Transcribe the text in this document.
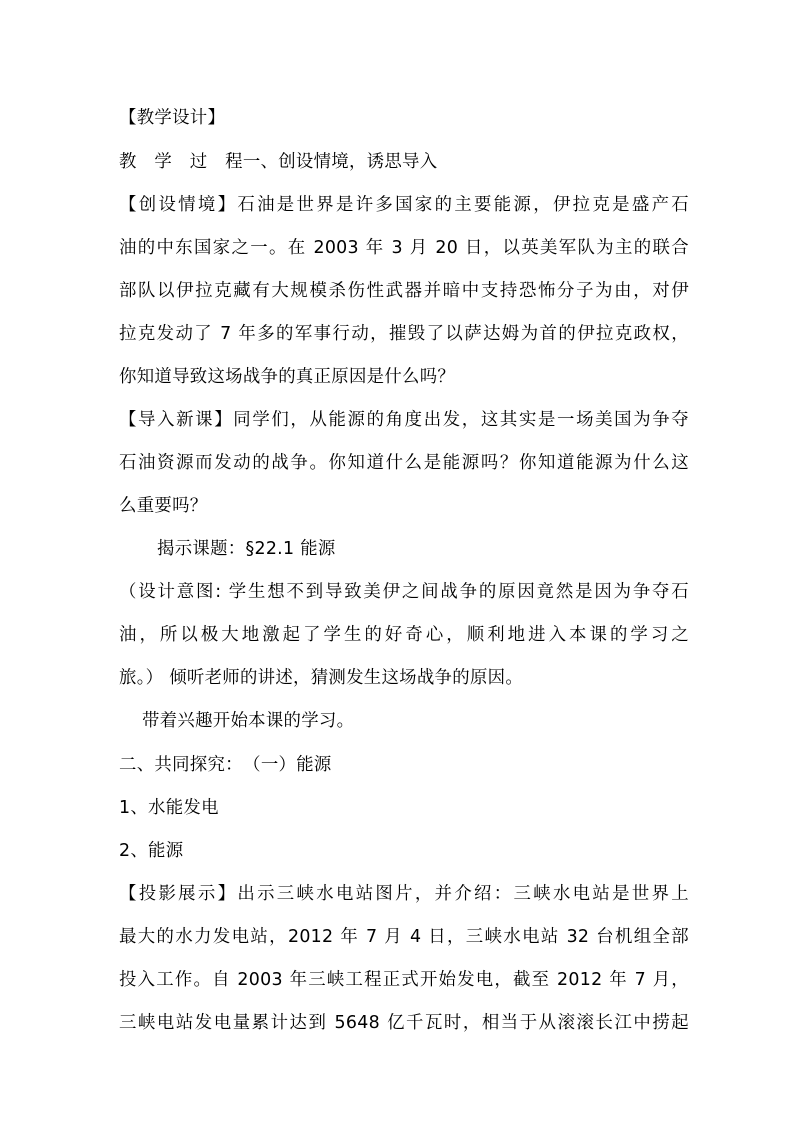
【教学设计】
教　学　过　程一、创设情境，诱思导入
【创设情境】石油是世界是许多国家的主要能源，伊拉克是盛产石
油的中东国家之一。在 2003 年 3 月 20 日，以英美军队为主的联合
部队以伊拉克藏有大规模杀伤性武器并暗中支持恐怖分子为由，对伊
拉克发动了 7 年多的军事行动，摧毁了以萨达姆为首的伊拉克政权，
你知道导致这场战争的真正原因是什么吗？
【导入新课】同学们，从能源的角度出发，这其实是一场美国为争夺
石油资源而发动的战争。你知道什么是能源吗？你知道能源为什么这
么重要吗？
揭示课题：§22.1 能源
（设计意图: 学生想不到导致美伊之间战争的原因竟然是因为争夺石
油，所以极大地激起了学生的好奇心，顺利地进入本课的学习之
旅。） 倾听老师的讲述，猜测发生这场战争的原因。
带着兴趣开始本课的学习。
二、共同探究：　（一）能源
1、水能发电
2、能源
【投影展示】出示三峡水电站图片，并介绍：三峡水电站是世界上
最大的水力发电站，2012 年 7 月 4 日，三峡水电站 32 台机组全部
投入工作。自 2003 年三峡工程正式开始发电，截至 2012 年 7 月，
三峡电站发电量累计达到 5648 亿千瓦时，相当于从滚滚长江中捞起
